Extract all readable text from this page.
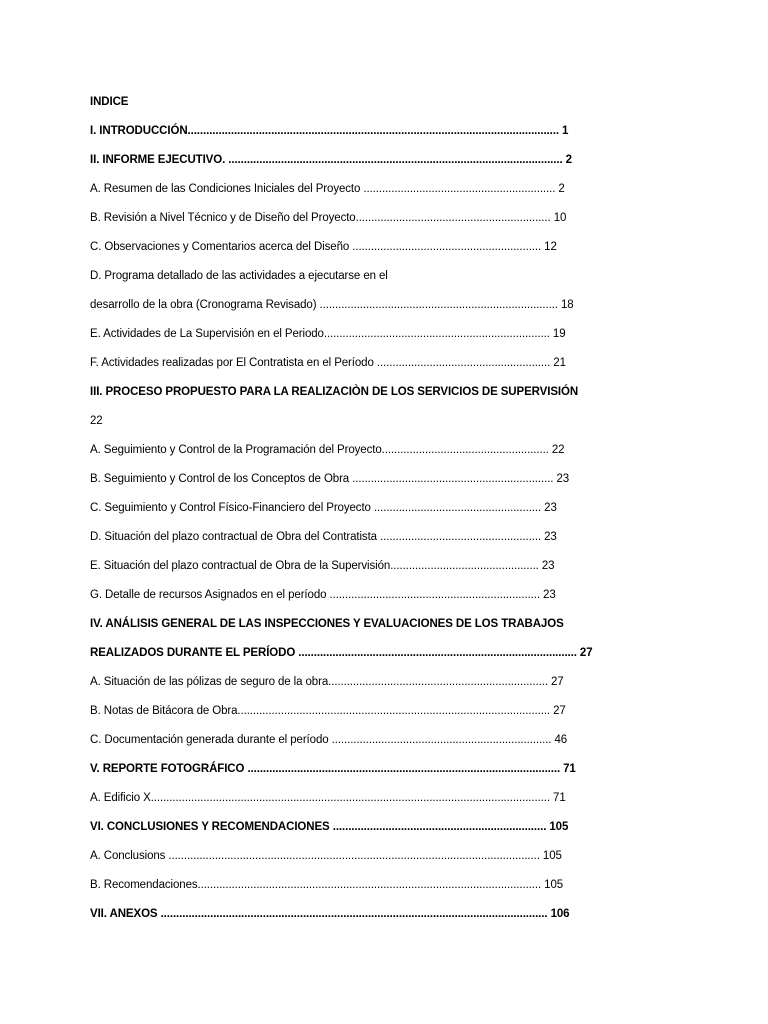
INDICE
I. INTRODUCCIÓN........................................................................................................................ 1
II. INFORME EJECUTIVO. ............................................................................................................ 2
A. Resumen de las Condiciones Iniciales del Proyecto .............................................................. 2
B. Revisión a Nivel Técnico y de Diseño del Proyecto............................................................... 10
C. Observaciones y Comentarios acerca del Diseño ............................................................. 12
D. Programa detallado de las actividades a ejecutarse en el
desarrollo de la obra (Cronograma Revisado) ............................................................................. 18
E. Actividades de La Supervisión en el Periodo......................................................................... 19
F. Actividades realizadas por El Contratista en el Período ........................................................ 21
III. PROCESO PROPUESTO PARA LA REALIZACIÒN DE LOS SERVICIOS DE SUPERVISIÓN
22
A. Seguimiento y Control de la Programación del Proyecto...................................................... 22
B. Seguimiento y Control de los Conceptos de Obra ................................................................. 23
C. Seguimiento y Control Físico-Financiero del Proyecto ...................................................... 23
D. Situación del plazo contractual de Obra del Contratista .................................................... 23
E. Situación del plazo contractual de Obra de la Supervisión................................................ 23
G. Detalle de recursos Asignados en el período .................................................................... 23
IV. ANÁLISIS GENERAL DE LAS INSPECCIONES Y EVALUACIONES DE LOS TRABAJOS
REALIZADOS DURANTE EL PERÍODO .......................................................................................... 27
A. Situación de las pólizas de seguro de la obra....................................................................... 27
B. Notas de Bitácora de Obra..................................................................................................... 27
C. Documentación generada durante el período ....................................................................... 46
V. REPORTE FOTOGRÁFICO ..................................................................................................... 71
A. Edificio X................................................................................................................................. 71
VI. CONCLUSIONES Y RECOMENDACIONES ..................................................................... 105
A. Conclusions ........................................................................................................................ 105
B. Recomendaciones............................................................................................................... 105
VII. ANEXOS ............................................................................................................................. 106
